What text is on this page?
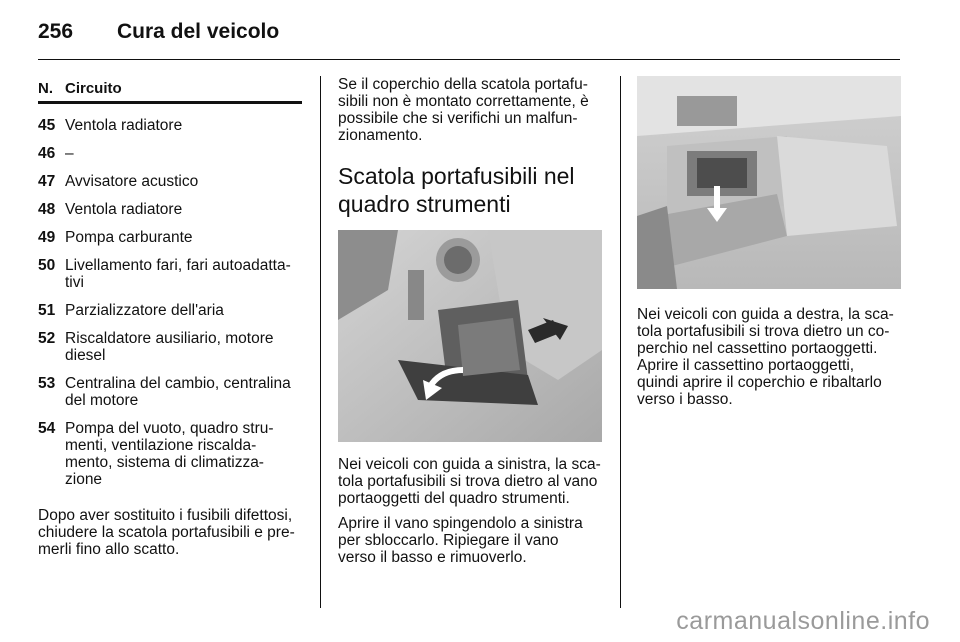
256 Cura del veicolo
N. Circuito
45 Ventola radiatore
46 –
47 Avvisatore acustico
48 Ventola radiatore
49 Pompa carburante
50 Livellamento fari, fari autoadatta-
tivi
51 Parzializzatore dell'aria
52 Riscaldatore ausiliario, motore
diesel
53 Centralina del cambio, centralina
del motore
54 Pompa del vuoto, quadro stru-
menti, ventilazione riscalda-
mento, sistema di climatizza-
zione

Dopo aver sostituito i fusibili difettosi,
chiudere la scatola portafusibili e pre-
merli fino allo scatto.

Se il coperchio della scatola portafu-
sibili non è montato correttamente, è
possibile che si verifichi un malfun-
zionamento.

Scatola portafusibili nel
quadro strumenti

Nei veicoli con guida a sinistra, la sca-
tola portafusibili si trova dietro al vano
portaoggetti del quadro strumenti.

Aprire il vano spingendolo a sinistra
per sbloccarlo. Ripiegare il vano
verso il basso e rimuoverlo.

Nei veicoli con guida a destra, la sca-
tola portafusibili si trova dietro un co-
perchio nel cassettino portaoggetti.
Aprire il cassettino portaoggetti,
quindi aprire il coperchio e ribaltarlo
verso i basso.

carmanualsonline.info
